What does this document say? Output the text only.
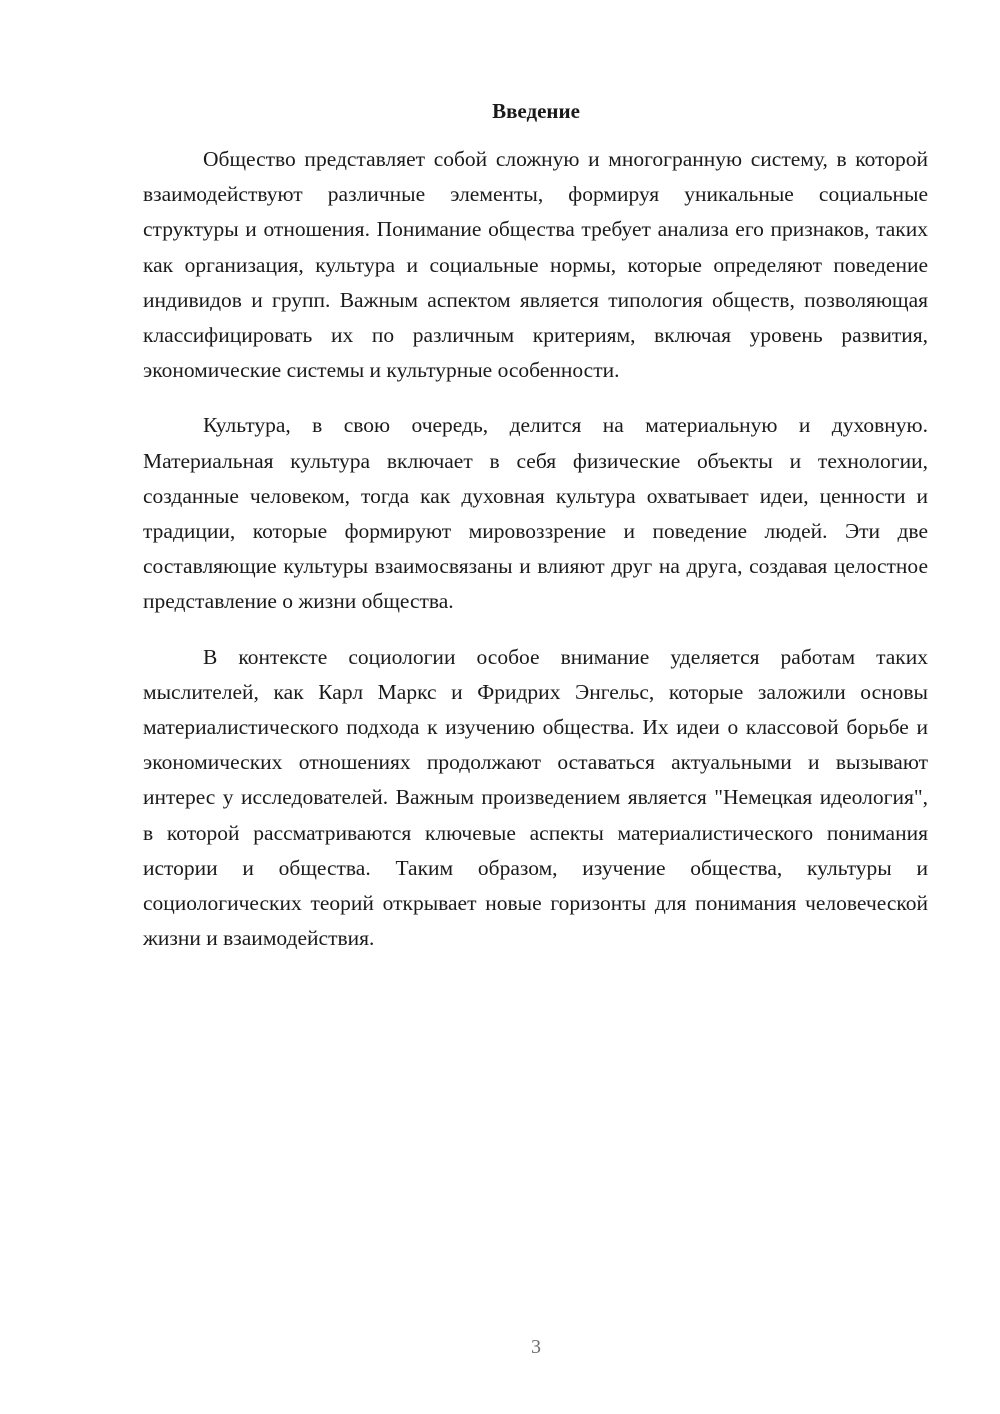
Введение

Общество представляет собой сложную и многогранную систему, в которой взаимодействуют различные элементы, формируя уникальные социальные структуры и отношения. Понимание общества требует анализа его признаков, таких как организация, культура и социальные нормы, которые определяют поведение индивидов и групп. Важным аспектом является типология обществ, позволяющая классифицировать их по различным критериям, включая уровень развития, экономические системы и культурные особенности.

Культура, в свою очередь, делится на материальную и духовную. Материальная культура включает в себя физические объекты и технологии, созданные человеком, тогда как духовная культура охватывает идеи, ценности и традиции, которые формируют мировоззрение и поведение людей. Эти две составляющие культуры взаимосвязаны и влияют друг на друга, создавая целостное представление о жизни общества.

В контексте социологии особое внимание уделяется работам таких мыслителей, как Карл Маркс и Фридрих Энгельс, которые заложили основы материалистического подхода к изучению общества. Их идеи о классовой борьбе и экономических отношениях продолжают оставаться актуальными и вызывают интерес у исследователей. Важным произведением является "Немецкая идеология", в которой рассматриваются ключевые аспекты материалистического понимания истории и общества. Таким образом, изучение общества, культуры и социологических теорий открывает новые горизонты для понимания человеческой жизни и взаимодействия.

3
